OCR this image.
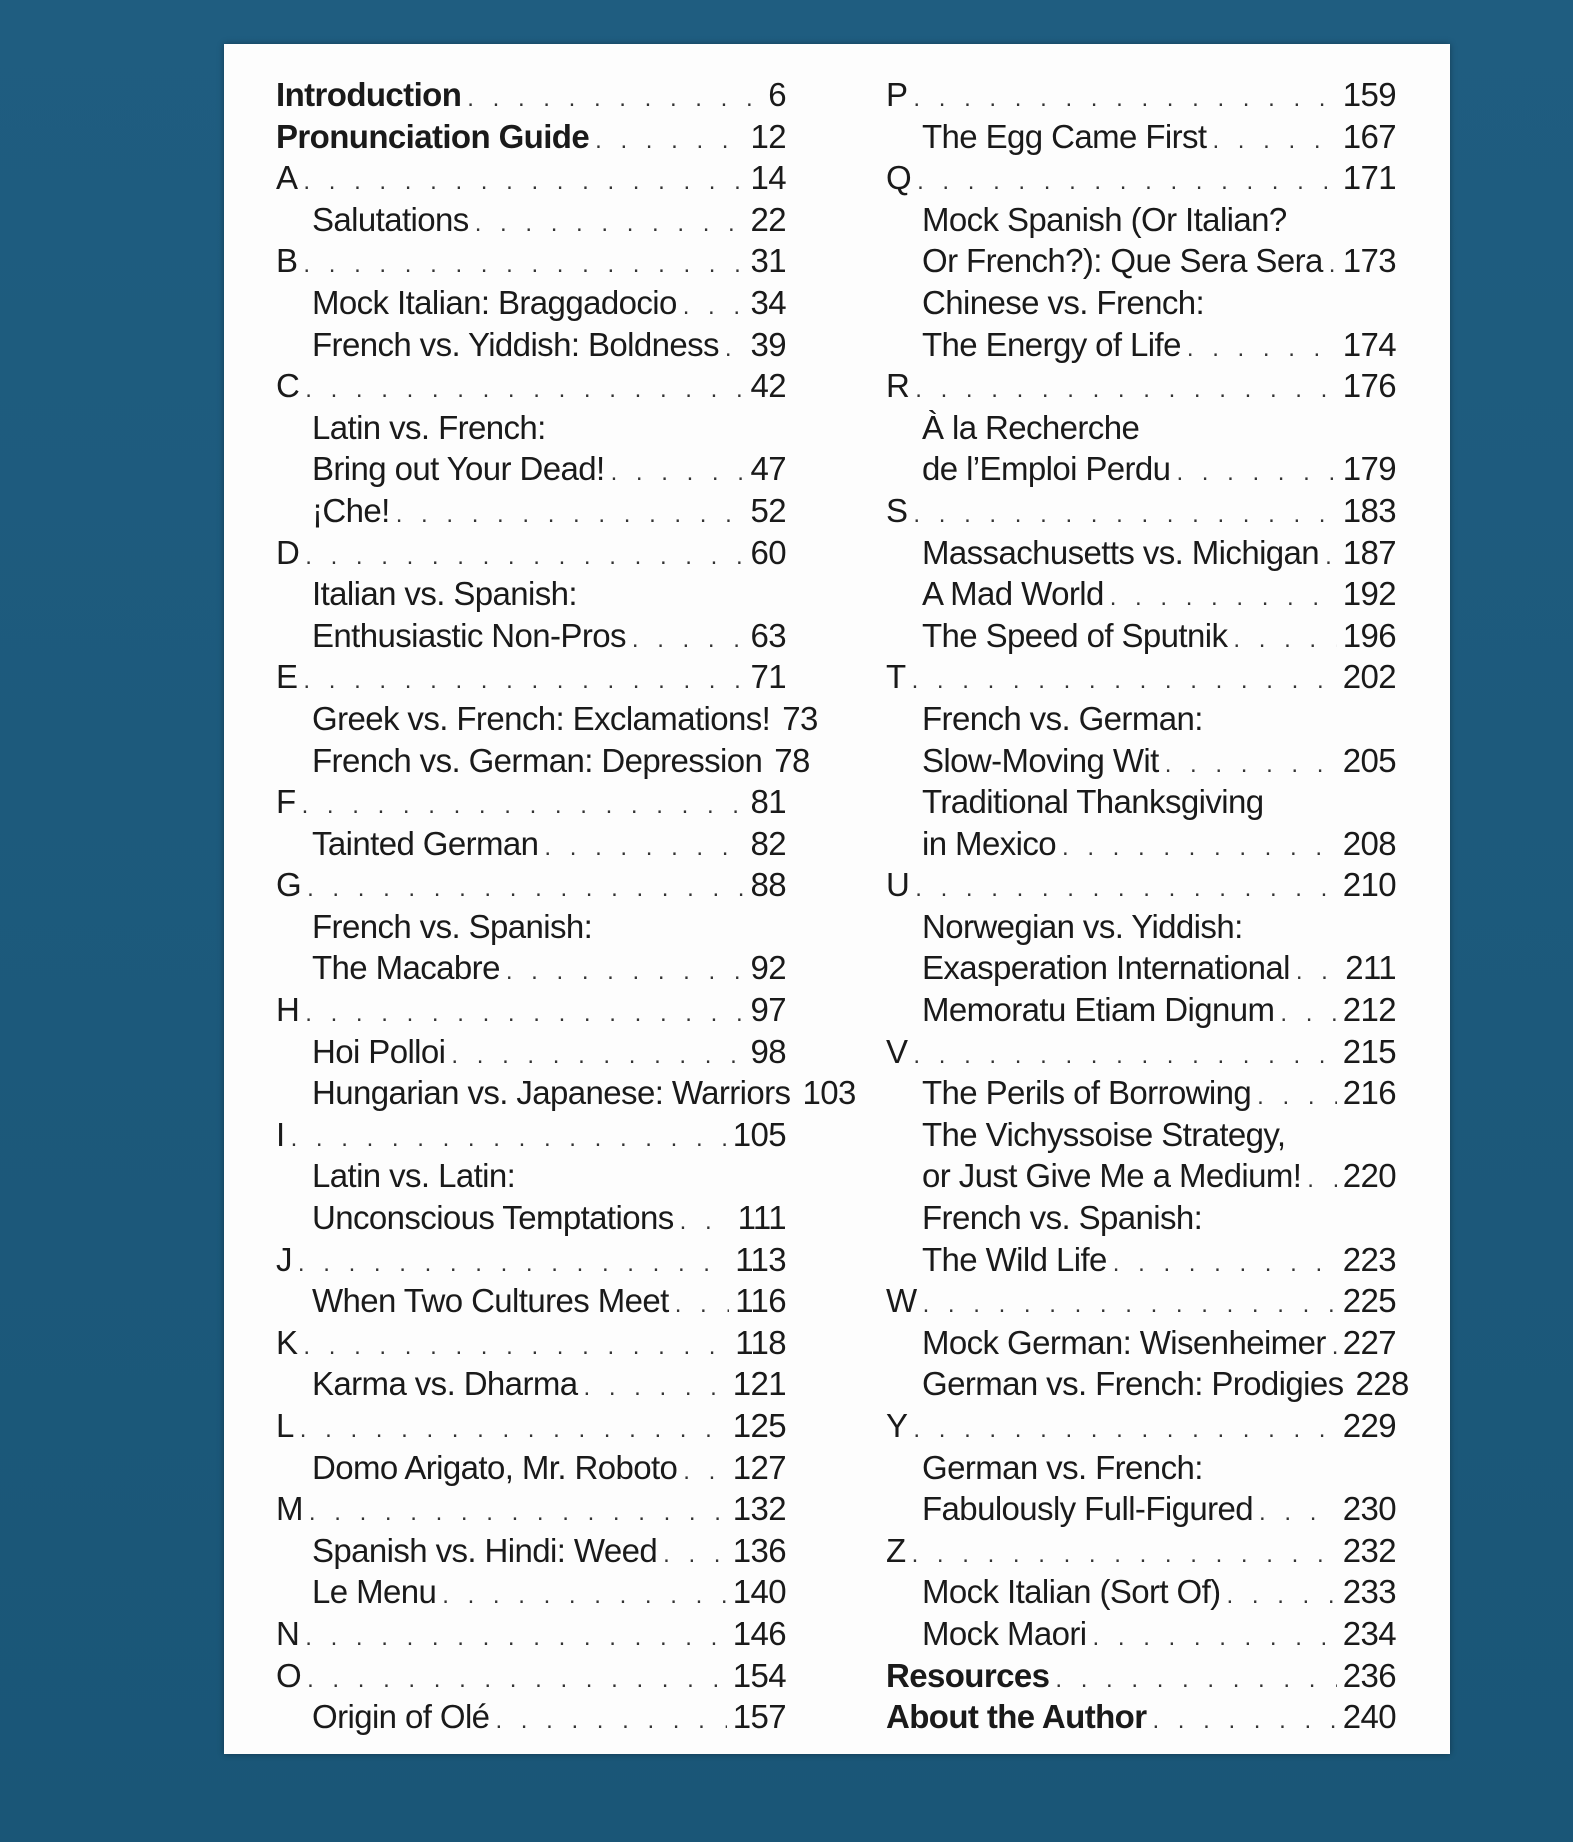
Introduction . . .	6
Pronunciation Guide . . .	12
A . . .	14
Salutations . . .	22
B . . .	31
Mock Italian: Braggadocio . . . 34
French vs. Yiddish: Boldness . . . 39
C . . .	42
Latin vs. French:
Bring out Your Dead! . . .	47
¡Che! . . .	52
D . . .	60
Italian vs. Spanish:
Enthusiastic Non-Pros . . .	63
E . . .	71
Greek vs. French: Exclamations! 73
French vs. German: Depression 78
F . . .	81
Tainted German . . .	82
G . . .	88
French vs. Spanish:
The Macabre . . .	92
H . . .	97
Hoi Polloi . . .	98
Hungarian vs. Japanese: Warriors 103
I . . .	105
Latin vs. Latin:
Unconscious Temptations . . . 111
J . . .	113
When Two Cultures Meet . . . 116
K . . .	118
Karma vs. Dharma . . .	121
L . . .	125
Domo Arigato, Mr. Roboto . . . 127
M . . .	132
Spanish vs. Hindi: Weed . . . 136
Le Menu . . .	140
N . . .	146
O . . .	154
Origin of Olé . . .	157
P . . .	159
The Egg Came First . . .	167
Q . . .	171
Mock Spanish (Or Italian?
Or French?): Que Sera Sera . . . 173
Chinese vs. French:
The Energy of Life . . .	174
R . . .	176
À la Recherche
de l’Emploi Perdu . . .	179
S . . .	183
Massachusetts vs. Michigan . . . 187
A Mad World . . .	192
The Speed of Sputnik . . .	196
T . . .	202
French vs. German:
Slow-Moving Wit . . .	205
Traditional Thanksgiving
in Mexico . . .	208
U . . .	210
Norwegian vs. Yiddish:
Exasperation International . . . 211
Memoratu Etiam Dignum . . . 212
V . . .	215
The Perils of Borrowing . . .	216
The Vichyssoise Strategy,
or Just Give Me a Medium! . . . 220
French vs. Spanish:
The Wild Life . . .	223
W . . .	225
Mock German: Wisenheimer . . . 227
German vs. French: Prodigies 228
Y . . .	229
German vs. French:
Fabulously Full-Figured . . .	230
Z . . .	232
Mock Italian (Sort Of) . . .	233
Mock Maori . . .	234
Resources . . .	236
About the Author . . .	240
